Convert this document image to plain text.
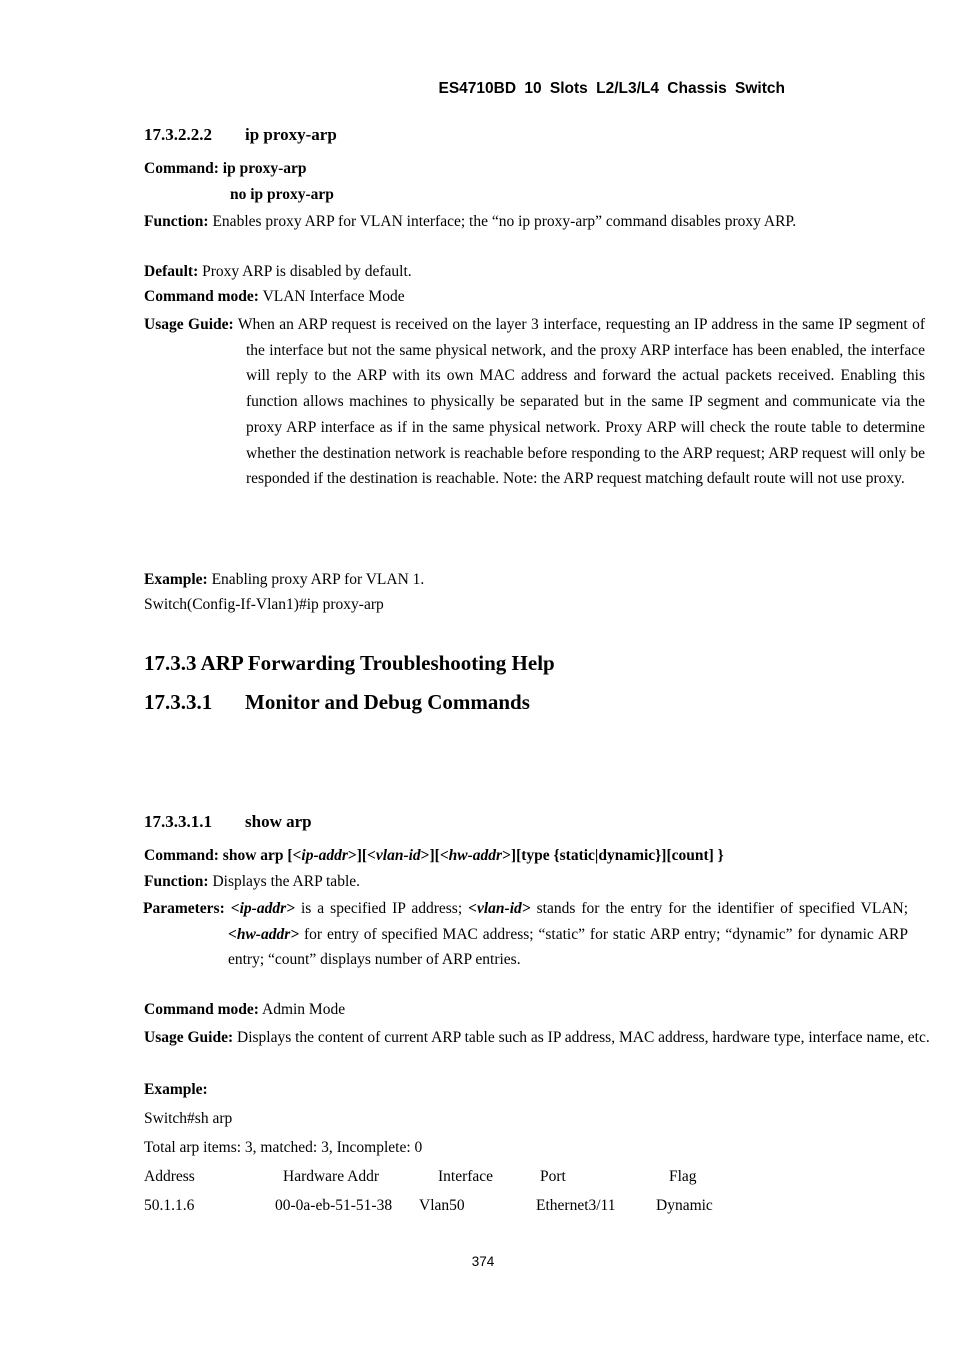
ES4710BD 10 Slots L2/L3/L4 Chassis Switch
17.3.2.2.2 ip proxy-arp
Command: ip proxy-arp
no ip proxy-arp
Function: Enables proxy ARP for VLAN interface; the “no ip proxy-arp” command disables proxy ARP.
Default: Proxy ARP is disabled by default.
Command mode: VLAN Interface Mode
Usage Guide: When an ARP request is received on the layer 3 interface, requesting an IP address in the same IP segment of the interface but not the same physical network, and the proxy ARP interface has been enabled, the interface will reply to the ARP with its own MAC address and forward the actual packets received. Enabling this function allows machines to physically be separated but in the same IP segment and communicate via the proxy ARP interface as if in the same physical network. Proxy ARP will check the route table to determine whether the destination network is reachable before responding to the ARP request; ARP request will only be responded if the destination is reachable. Note: the ARP request matching default route will not use proxy.
Example: Enabling proxy ARP for VLAN 1.
Switch(Config-If-Vlan1)#ip proxy-arp
17.3.3 ARP Forwarding Troubleshooting Help
17.3.3.1 Monitor and Debug Commands
17.3.3.1.1 show arp
Command: show arp [<ip-addr>][<vlan-id>][<hw-addr>][type {static|dynamic}][count] }
Function: Displays the ARP table.
Parameters: <ip-addr> is a specified IP address; <vlan-id> stands for the entry for the identifier of specified VLAN; <hw-addr> for entry of specified MAC address; “static” for static ARP entry; “dynamic” for dynamic ARP entry; “count” displays number of ARP entries.
Command mode: Admin Mode
Usage Guide: Displays the content of current ARP table such as IP address, MAC address, hardware type, interface name, etc.
Example:
Switch#sh arp
Total arp items: 3, matched: 3, Incomplete: 0
Address	Hardware Addr	Interface	Port	Flag
50.1.1.6	00-0a-eb-51-51-38 Vlan50	Ethernet3/11	Dynamic
374
